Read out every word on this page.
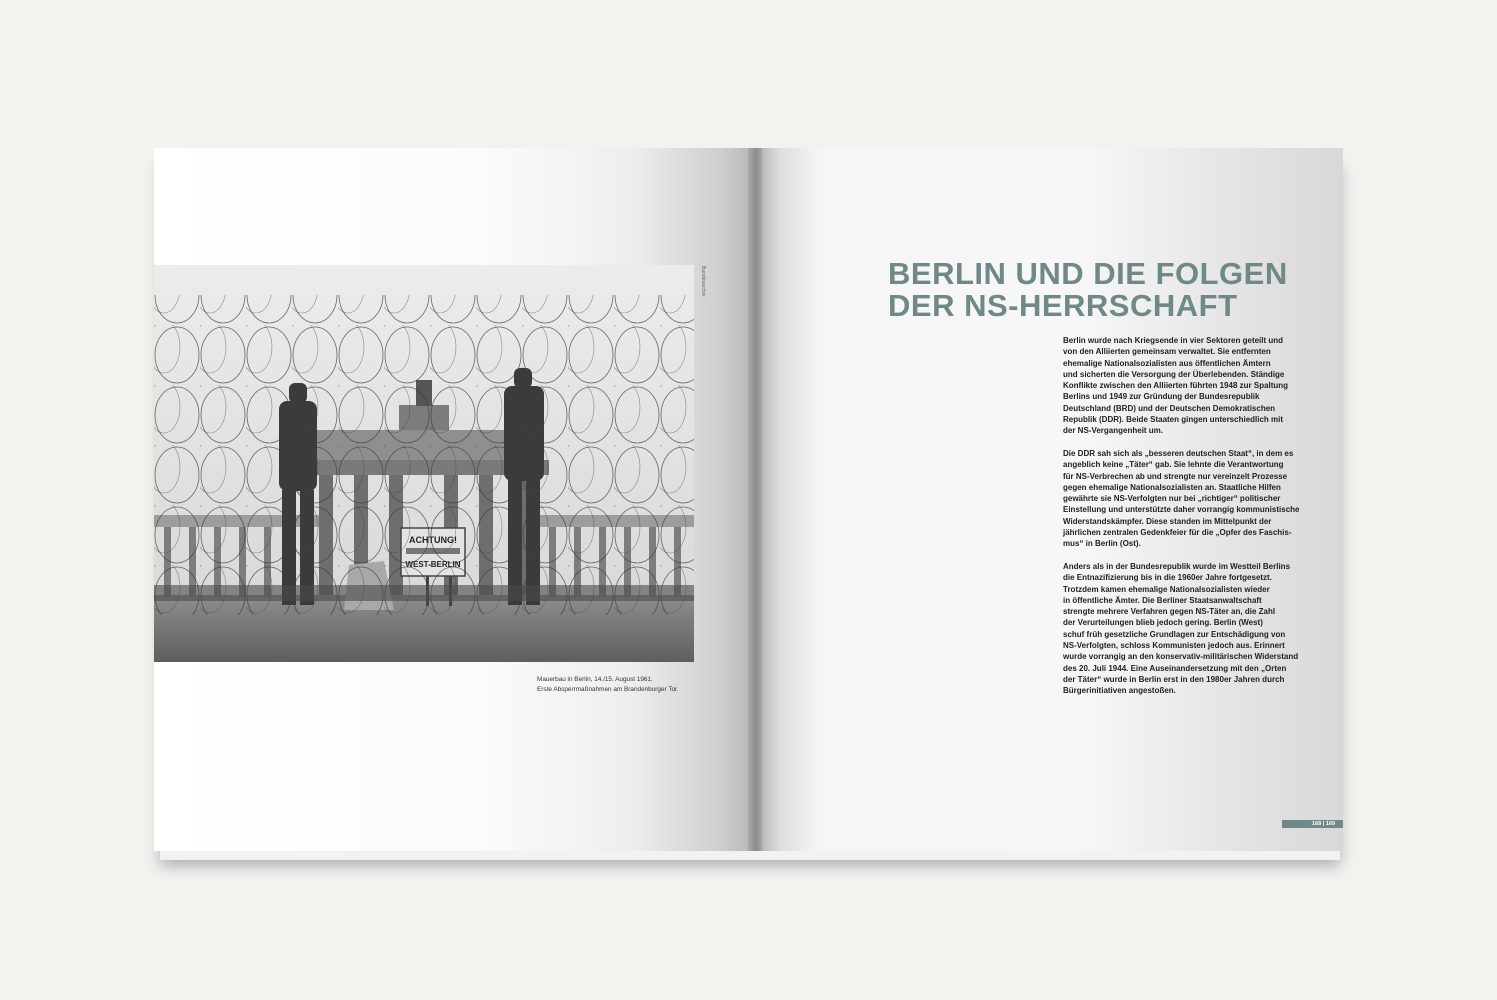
Bundesarchiv
Mauerbau in Berlin, 14./15. August 1961.
Erste Absperrmaßnahmen am Brandenburger Tor.
BERLIN UND DIE FOLGEN
DER NS-HERRSCHAFT

Berlin wurde nach Kriegsende in vier Sektoren geteilt und
von den Alliierten gemeinsam verwaltet. Sie entfernten
ehemalige Nationalsozialisten aus öffentlichen Ämtern
und sicherten die Versorgung der Überlebenden. Ständige
Konflikte zwischen den Alliierten führten 1948 zur Spaltung
Berlins und 1949 zur Gründung der Bundesrepublik
Deutschland (BRD) und der Deutschen Demokratischen
Republik (DDR). Beide Staaten gingen unterschiedlich mit
der NS-Vergangenheit um.

Die DDR sah sich als „besseren deutschen Staat“, in dem es
angeblich keine „Täter“ gab. Sie lehnte die Verantwortung
für NS-Verbrechen ab und strengte nur vereinzelt Prozesse
gegen ehemalige Nationalsozialisten an. Staatliche Hilfen
gewährte sie NS-Verfolgten nur bei „richtiger“ politischer
Einstellung und unterstützte daher vorrangig kommunistische
Widerstandskämpfer. Diese standen im Mittelpunkt der
jährlichen zentralen Gedenkfeier für die „Opfer des Faschis-
mus“ in Berlin (Ost).

Anders als in der Bundesrepublik wurde im Westteil Berlins
die Entnazifizierung bis in die 1960er Jahre fortgesetzt.
Trotzdem kamen ehemalige Nationalsozialisten wieder
in öffentliche Ämter. Die Berliner Staatsanwaltschaft
strengte mehrere Verfahren gegen NS-Täter an, die Zahl
der Verurteilungen blieb jedoch gering. Berlin (West)
schuf früh gesetzliche Grundlagen zur Entschädigung von
NS-Verfolgten, schloss Kommunisten jedoch aus. Erinnert
wurde vorrangig an den konservativ-militärischen Widerstand
des 20. Juli 1944. Eine Auseinandersetzung mit den „Orten
der Täter“ wurde in Berlin erst in den 1980er Jahren durch
Bürgerinitiativen angestoßen.

168 | 169
